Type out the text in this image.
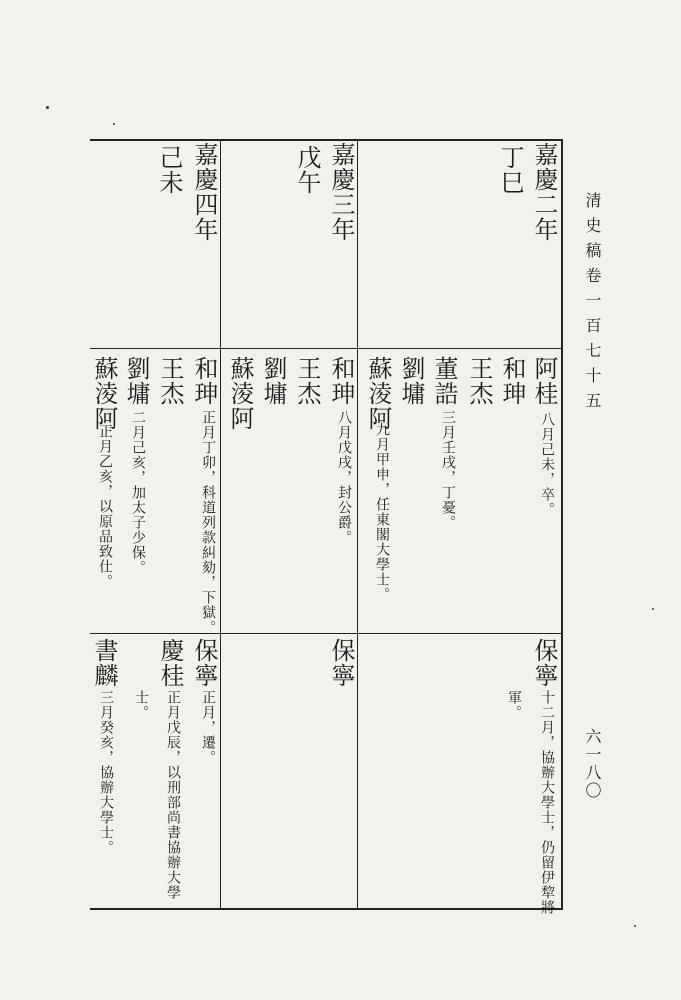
清史稿卷一百七十五
六一八〇
嘉慶二年
丁巳
阿桂
八月己未，卒。
和珅
王杰
董誥
三月壬戌，丁憂。
劉墉
蘇淩阿
九月甲申，任東閣大學士。
保寧
十二月，協辦大學士，仍留伊犂將
軍。
嘉慶三年
戊午
和珅
八月戊戌，封公爵。
王杰
劉墉
蘇淩阿
保寧
嘉慶四年
己未
和珅
正月丁卯，科道列款糾劾，下獄。
王杰
劉墉
二月己亥，加太子少保。
蘇淩阿
正月乙亥，以原品致仕。
保寧
正月，遷。
慶桂
正月戊辰，以刑部尚書協辦大學
士。
書麟
三月癸亥，協辦大學士。
